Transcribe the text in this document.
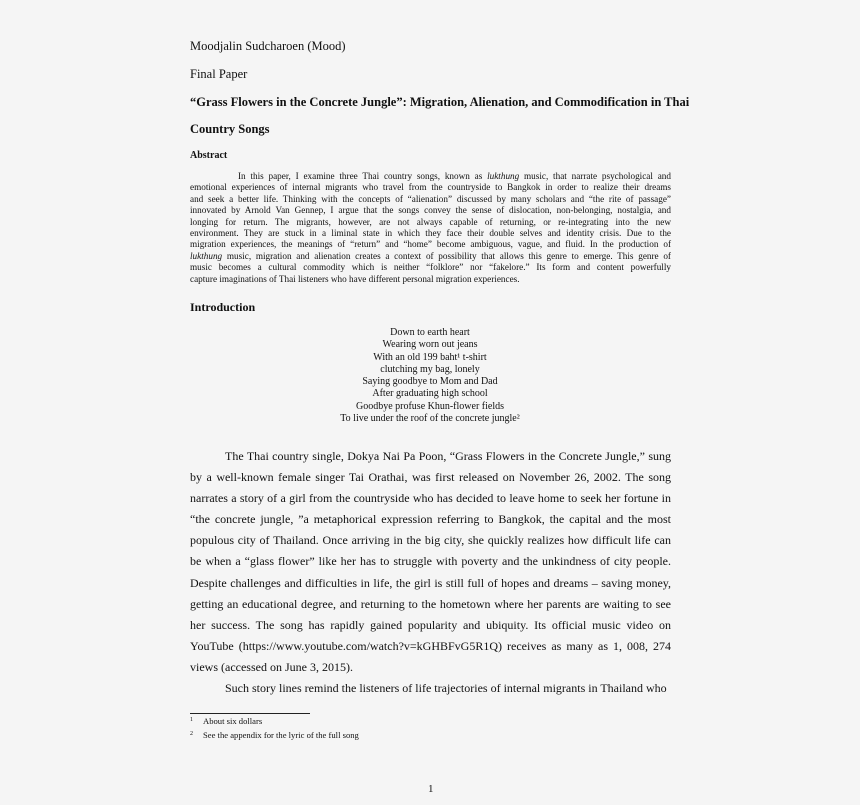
Moodjalin Sudcharoen (Mood)
Final Paper
“Grass Flowers in the Concrete Jungle”: Migration, Alienation, and Commodification in Thai
Country Songs
Abstract
In this paper, I examine three Thai country songs, known as lukthung music, that narrate psychological and
emotional experiences of internal migrants who travel from the countryside to Bangkok in order to realize their dreams
and seek a better life. Thinking with the concepts of “alienation” discussed by many scholars and “the rite of passage”
innovated by Arnold Van Gennep, I argue that the songs convey the sense of dislocation, non-belonging, nostalgia, and
longing for return. The migrants, however, are not always capable of returning, or re-integrating into the new
environment. They are stuck in a liminal state in which they face their double selves and identity crisis. Due to the
migration experiences, the meanings of “return” and “home” become ambiguous, vague, and fluid. In the production of
lukthung music, migration and alienation creates a context of possibility that allows this genre to emerge. This genre of
music becomes a cultural commodity which is neither “folklore” nor “fakelore.” Its form and content powerfully
capture imaginations of Thai listeners who have different personal migration experiences.
Introduction
Down to earth heart
Wearing worn out jeans
With an old 199 baht¹ t-shirt
clutching my bag, lonely
Saying goodbye to Mom and Dad
After graduating high school
Goodbye profuse Khun-flower fields
To live under the roof of the concrete jungle²
The Thai country single, Dokya Nai Pa Poon, “Grass Flowers in the Concrete Jungle,” sung
by a well-known female singer Tai Orathai, was first released on November 26, 2002. The song
narrates a story of a girl from the countryside who has decided to leave home to seek her fortune in
“the concrete jungle, ”a metaphorical expression referring to Bangkok, the capital and the most
populous city of Thailand. Once arriving in the big city, she quickly realizes how difficult life can
be when a “glass flower” like her has to struggle with poverty and the unkindness of city people.
Despite challenges and difficulties in life, the girl is still full of hopes and dreams – saving money,
getting an educational degree, and returning to the hometown where her parents are waiting to see
her success. The song has rapidly gained popularity and ubiquity. Its official music video on
YouTube (https://www.youtube.com/watch?v=kGHBFvG5R1Q) receives as many as 1, 008, 274
views (accessed on June 3, 2015).
Such story lines remind the listeners of life trajectories of internal migrants in Thailand who
$^1$ About six dollars
$^2$ See the appendix for the lyric of the full song
1
